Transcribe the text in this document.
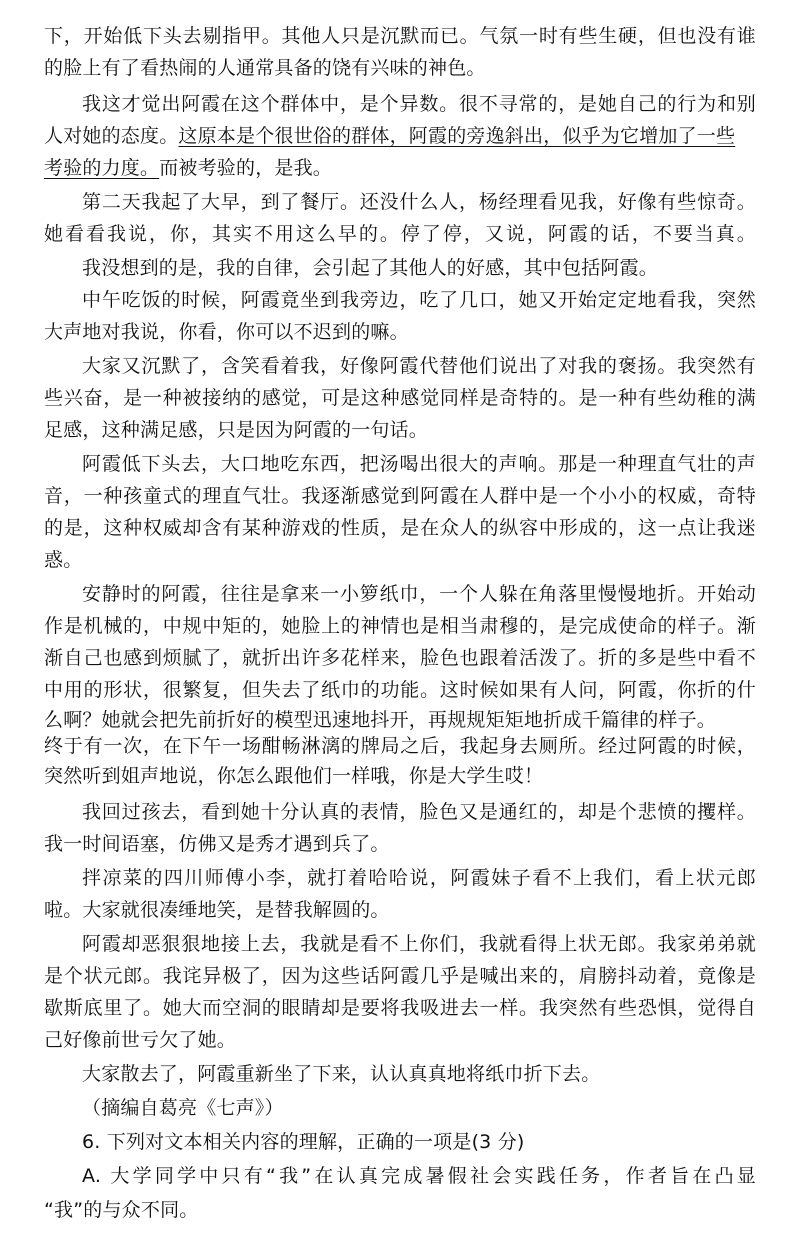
下，开始低下头去剔指甲。其他人只是沉默而已。气氛一时有些生硬，但也没有谁
的脸上有了看热闹的人通常具备的饶有兴味的神色。
我这才觉出阿霞在这个群体中，是个异数。很不寻常的，是她自己的行为和别
人对她的态度。这原本是个很世俗的群体，阿霞的旁逸斜出，似乎为它增加了一些
考验的力度。而被考验的，是我。
第二天我起了大早，到了餐厅。还没什么人，杨经理看见我，好像有些惊奇。
她看看我说，你，其实不用这么早的。停了停，又说，阿霞的话，不要当真。
我没想到的是，我的自律，会引起了其他人的好感，其中包括阿霞。
中午吃饭的时候，阿霞竟坐到我旁边，吃了几口，她又开始定定地看我，突然
大声地对我说，你看，你可以不迟到的嘛。
大家又沉默了，含笑看着我，好像阿霞代替他们说出了对我的褒扬。我突然有
些兴奋，是一种被接纳的感觉，可是这种感觉同样是奇特的。是一种有些幼稚的满
足感，这种满足感，只是因为阿霞的一句话。
阿霞低下头去，大口地吃东西，把汤喝出很大的声响。那是一种理直气壮的声
音，一种孩童式的理直气壮。我逐渐感觉到阿霞在人群中是一个小小的权威，奇特
的是，这种权威却含有某种游戏的性质，是在众人的纵容中形成的，这一点让我迷
惑。
安静时的阿霞，往往是拿来一小箩纸巾，一个人躲在角落里慢慢地折。开始动
作是机械的，中规中矩的，她脸上的神情也是相当肃穆的，是完成使命的样子。渐
渐自己也感到烦腻了，就折出许多花样来，脸色也跟着活泼了。折的多是些中看不
中用的形状，很繁复，但失去了纸巾的功能。这时候如果有人问，阿霞，你折的什
么啊？她就会把先前折好的模型迅速地抖开，再规规矩矩地折成千篇律的样子。
终于有一次，在下午一场酣畅淋漓的牌局之后，我起身去厕所。经过阿霞的时候，
突然听到姐声地说，你怎么跟他们一样哦，你是大学生哎！
我回过孩去，看到她十分认真的表情，脸色又是通红的，却是个悲愤的攫样。
我一时间语塞，仿佛又是秀才遇到兵了。
拌凉菜的四川师傅小李，就打着哈哈说，阿霞妹子看不上我们，看上状元郎
啦。大家就很凑缍地笑，是替我解圆的。
阿霞却恶狠狠地接上去，我就是看不上你们，我就看得上状无郎。我家弟弟就
是个状元郎。我诧异极了，因为这些话阿霞几乎是喊出来的，肩膀抖动着，竟像是
歇斯底里了。她大而空洞的眼睛却是要将我吸进去一样。我突然有些恐惧，觉得自
己好像前世亏欠了她。
大家散去了，阿霞重新坐了下来，认认真真地将纸巾折下去。
（摘编自葛亮《七声》）
6. 下列对文本相关内容的理解，正确的一项是(3 分)
A. 大学同学中只有“我”在认真完成暑假社会实践任务，作者旨在凸显
“我”的与众不同。
